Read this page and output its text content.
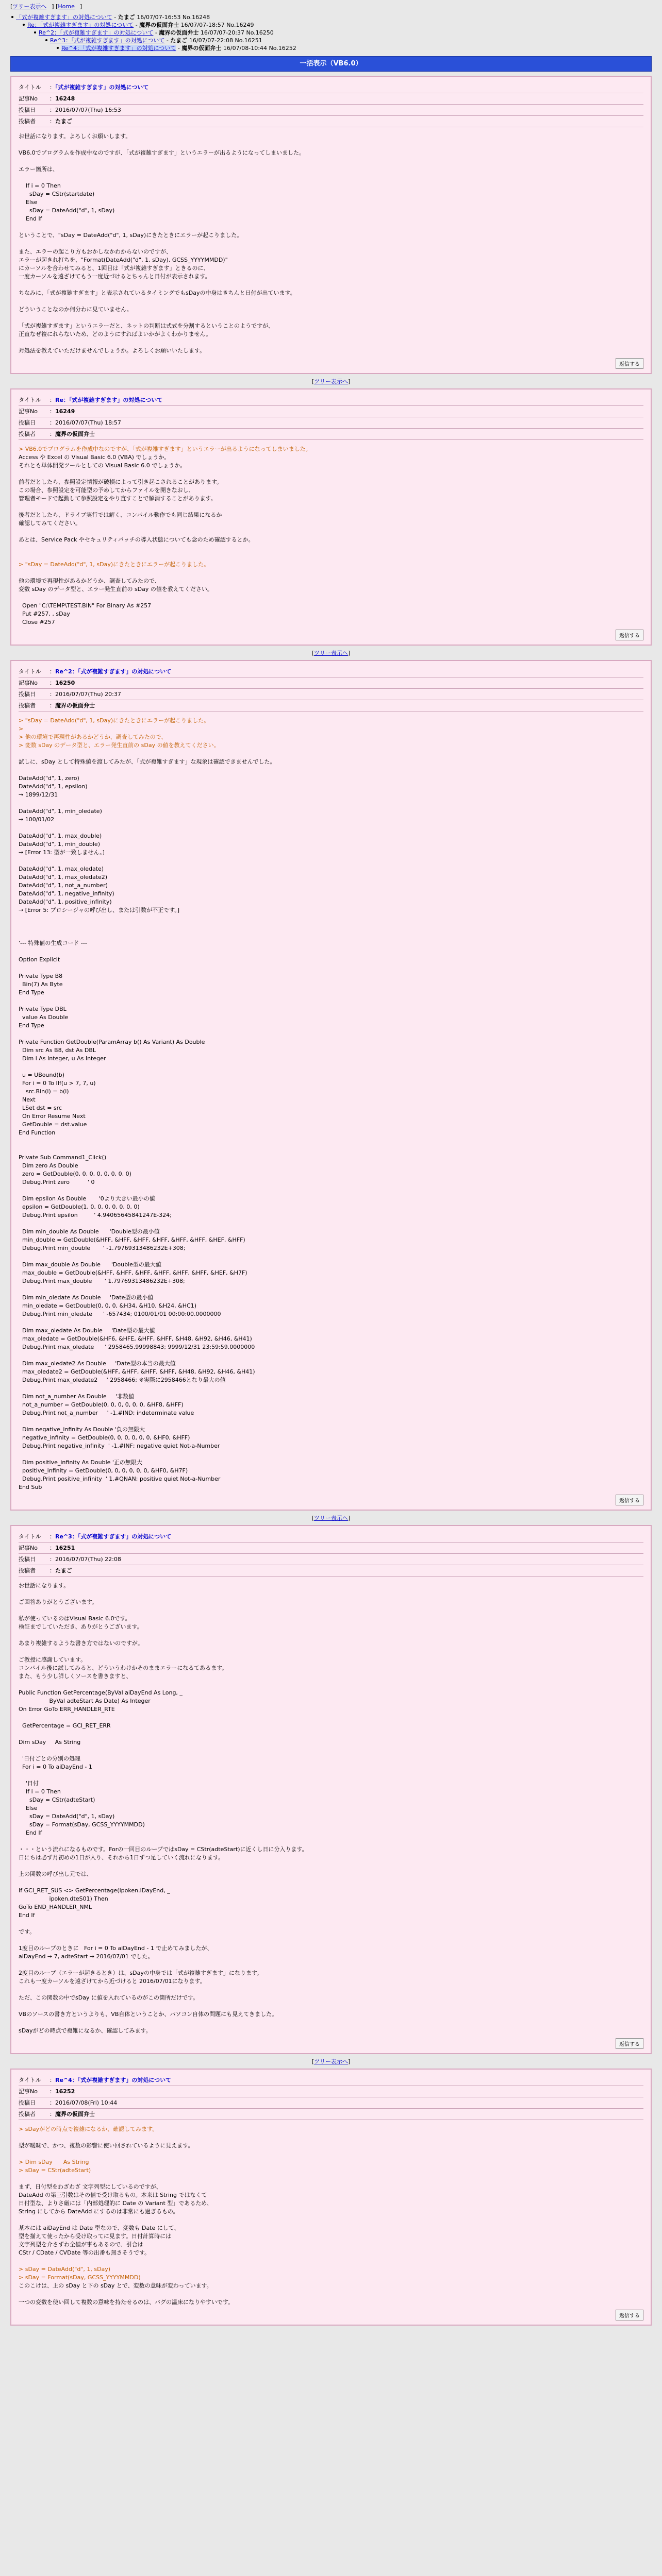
[ツリー表示へ ] [Home ]
「式が複雑すぎます」の対処について - たまご 16/07/07-16:53 No.16248
Re：「式が複雑すぎます」の対処について - 魔界の仮面弁士 16/07/07-18:57 No.16249
Re^2：「式が複雑すぎます」の対処について - 魔界の仮面弁士 16/07/07-20:37 No.16250
Re^3：「式が複雑すぎます」の対処について - たまご 16/07/07-22:08 No.16251
Re^4：「式が複雑すぎます」の対処について - 魔界の仮面弁士 16/07/08-10:44 No.16252
一括表示（VB6.0）
タイトル ：「式が複雑すぎます」の対処について
記事No ：16248
投稿日 ：2016/07/07(Thu) 16:53
投稿者 ：たまご
お世話になります。よろしくお願いします。
VB6.0でプログラムを作成中なのですが、「式が複雑すぎます」というエラーが出るようになってしまいました。
エラー箇所は、
If i = 0 Then
sDay = CStr(startdate)
Else
sDay = DateAdd("d", 1, sDay)
End If
ということで、"sDay = DateAdd("d", 1, sDay)にきたときにエラーが起こりました。
また、エラーの起こり方もおかしなかわからないのですが、
エラーが起きれ打ちを、"Format(DateAdd("d", 1, sDay), GCSS_YYYYMMDD)"
にカーソルを合わせてみると、1回目は「式が複雑すぎます」ときるのに、
一度カーソルを遠ざけてもう一度近づけるとちゃんと日付が表示されます。
ちなみに、「式が複雑すぎます」と表示されているタイミングでもsDayの中身はきちんと日付が出ています。
どういうことなのか何分わに見ていません。
「式が複雑すぎます」というエラーだと、ネットの判断は式式を分割するということのようですが、
正直なぜ複にれらないため、どのようにすればよいかがよくわかりません。
対処法を教えていただけませんでしょうか。よろしくお願いいたします。
返信する
[ツリー表示へ]
タイトル ：Re：「式が複雑すぎます」の対処について
記事No ：16249
投稿日 ：2016/07/07(Thu) 18:57
投稿者 ：魔界の仮面弁士
> VB6.0でプログラムを作成中なのですが、「式が複雑すぎます」というエラーが出るようになってしまいました。
Access や Excel の Visual Basic 6.0 (VBA) でしょうか。
それとも単体開発ツールとしての Visual Basic 6.0 でしょうか。
前者だとしたら、参照設定情報が破損によって引き起こされることがあります。
この場合、参照設定を可能型の予めしてからファイルを開きなおし、
管理者モードで起動して参照設定をやり直すことで解消することがあります。
後者だとしたら、ドライブ実行では解く、コンパイル動作でも同じ結果になるか
確認してみてください。
あとは、Service Pack やセキュリティパッチの導入状態についても念のため確認するとか。
> "sDay = DateAdd("d", 1, sDay)にきたときにエラーが起こりました。
他の環境で再現性があるかどうか、調査してみたので、
変数 sDay のデータ型と、エラー発生直前の sDay の値を教えてください。
Open "C:\TEMP\TEST.BIN" For Binary As #257
Put #257, , sDay
Close #257
返信する
[ツリー表示へ]
タイトル ：Re^2：「式が複雑すぎます」の対処について
記事No ：16250
投稿日 ：2016/07/07(Thu) 20:37
投稿者 ：魔界の仮面弁士
> "sDay = DateAdd("d", 1, sDay)にきたときにエラーが起こりました。
>
> 他の環境で再現性があるかどうか、調査してみたので、
> 変数 sDay のデータ型と、エラー発生直前の sDay の値を教えてください。
試しに、sDay として特殊値を渡してみたが、「式が複雑すぎます」な現象は確認できませんでした。
DateAdd("d", 1, zero)
DateAdd("d", 1, epsilon)
→ 1899/12/31
DateAdd("d", 1, min_oledate)
→ 100/01/02
DateAdd("d", 1, max_double)
DateAdd("d", 1, min_double)
→ [Error 13: 型が一致しません。]
DateAdd("d", 1, max_oledate)
DateAdd("d", 1, max_oledate2)
DateAdd("d", 1, not_a_number)
DateAdd("d", 1, negative_infinity)
DateAdd("d", 1, positive_infinity)
→ [Error 5: プロシージャの呼び出し、または引数が不正です。]
'--- 特殊値の生成コード ---
Option Explicit
Private Type B8
Bin(7) As Byte
End Type
Private Type DBL
value As Double
End Type
Private Function GetDouble(ParamArray b() As Variant) As Double
Dim src As B8, dst As DBL
Dim i As Integer, u As Integer
u = UBound(b)
For i = 0 To IIf(u > 7, 7, u)
src.Bin(i) = b(i)
Next
LSet dst = src
On Error Resume Next
GetDouble = dst.value
End Function
Private Sub Command1_Click()
Dim zero As Double
zero = GetDouble(0, 0, 0, 0, 0, 0, 0, 0)
Debug.Print zero          ' 0
Dim epsilon As Double       '0より大きい最小の値
epsilon = GetDouble(1, 0, 0, 0, 0, 0, 0, 0)
Debug.Print epsilon         ' 4.94065645841247E-324;
Dim min_double As Double      'Double型の最小値
min_double = GetDouble(&HFF, &HFF, &HFF, &HFF, &HFF, &HFF, &HEF, &HFF)
Debug.Print min_double       ' -1.79769313486232E+308;
Dim max_double As Double      'Double型の最大値
max_double = GetDouble(&HFF, &HFF, &HFF, &HFF, &HFF, &HFF, &HEF, &H7F)
Debug.Print max_double       ' 1.79769313486232E+308;
Dim min_oledate As Double     'Date型の最小値
min_oledate = GetDouble(0, 0, 0, &H34, &H10, &H24, &HC1)
Debug.Print min_oledate      ' -657434; 0100/01/01 00:00:00.0000000
Dim max_oledate As Double     'Date型の最大値
max_oledate = GetDouble(&HF6, &HFE, &HFF, &HFF, &H48, &H92, &H46, &H41)
Debug.Print max_oledate      ' 2958465.99998843; 9999/12/31 23:59:59.0000000
Dim max_oledate2 As Double     'Date型の本当の最大値
max_oledate2 = GetDouble(&HFF, &HFF, &HFF, &HFF, &H48, &H92, &H46, &H41)
Debug.Print max_oledate2     ' 2958466; ※実際に2958466となり最大の値
Dim not_a_number As Double     '非数値
not_a_number = GetDouble(0, 0, 0, 0, 0, 0, &HF8, &HFF)
Debug.Print not_a_number     ' -1.#IND; indeterminate value
Dim negative_infinity As Double '負の無限大
negative_infinity = GetDouble(0, 0, 0, 0, 0, 0, &HF0, &HFF)
Debug.Print negative_infinity  ' -1.#INF; negative quiet Not-a-Number
Dim positive_infinity As Double '正の無限大
positive_infinity = GetDouble(0, 0, 0, 0, 0, 0, &HF0, &H7F)
Debug.Print positive_infinity  ' 1.#QNAN; positive quiet Not-a-Number
End Sub
返信する
[ツリー表示へ]
タイトル ：Re^3：「式が複雑すぎます」の対処について
記事No ：16251
投稿日 ：2016/07/07(Thu) 22:08
投稿者 ：たまご
お世話になります。
ご回答ありがとうございます。
私が使っているのはVisual Basic 6.0です。
検証までしていただき、ありがとうございます。
あまり複雑するような書き方ではないのですが。
ご教授に感謝しています。
コンパイル後に試してみると、どういうわけかそのままエラーになるてあるます。
また、もう少し詳しくソースを書きますと、
Public Function GetPercentage(ByVal aiDayEnd As Long, _
ByVal adteStart As Date) As Integer
On Error GoTo ERR_HANDLER_RTE
GetPercentage = GCI_RET_ERR
Dim sDay     As String
'日付ごとの分別の処理
For i = 0 To aiDayEnd - 1
'日付
If i = 0 Then
sDay = CStr(adteStart)
Else
sDay = DateAdd("d", 1, sDay)
sDay = Format(sDay, GCSS_YYYYMMDD)
End If
・・・という流れになるものです。Forの一回目のループではsDay = CStr(adteStart)に近くし日に分入ります。
日にちは必ず月初めの1日が入り、それから1日ずつ足していく流れになります。
上の関数の呼び出し元では、
If GCI_RET_SUS <> GetPercentage(ipoken.iDayEnd, _
ipoken.dteS01) Then
GoTo END_HANDLER_NML
End If
です。
1度目のループのときに   For i = 0 To aiDayEnd - 1 で止めてみましたが、
aiDayEnd → 7, adteStart → 2016/07/01 でした。
2度目のループ（エラーが起きるとき）は、sDayの中身では「式が複雑すぎます」になります。
これも一度カーソルを遠ざけてから近づけると 2016/07/01になります。
ただ、この関数の中でsDay に値を入れているのがこの箇所だけです。
VBのソースの書き方というよりも、VB自体ということか、パソコン自体の問題にも見えてきました。
sDayがどの時点で複雑になるか、確認してみます。
返信する
[ツリー表示へ]
タイトル ：Re^4：「式が複雑すぎます」の対処について
記事No ：16252
投稿日 ：2016/07/08(Fri) 10:44
投稿者 ：魔界の仮面弁士
> sDayがどの時点で複雑になるか、確認してみます。
型が曖昧で、かつ、複数の影響に使い回されているように見えます。
> Dim sDay      As String
> sDay = CStr(adteStart)
まず、日付型をわざわざ 文字列型にしているのですが、
DateAdd の第三引数はその値で受け取るもの。本来は String ではなくて
日付型な、よりさ厳には「内部処理的に Date の Variant 型」であるため、
String にしてから DateAdd にするのは非常にも過ぎるもの。
基本には aiDayEnd は Date 型なので、変数も Date にして、
型を揃えて使ったから受け取ってに見ます。日付計算時には
文字列型を介さずわ全値が事もあるので、引合は
CStr / CDate / CVDate 等の出番も無さそうです。
> sDay = DateAdd("d", 1, sDay)
> sDay = Format(sDay, GCSS_YYYYMMDD)
このこけは、上の sDay と下の sDay とで、変数の意味が変わっています。
一つの変数を使い回して複数の意味を持たせるのは、バグの温床になりやすいです。
返信する
